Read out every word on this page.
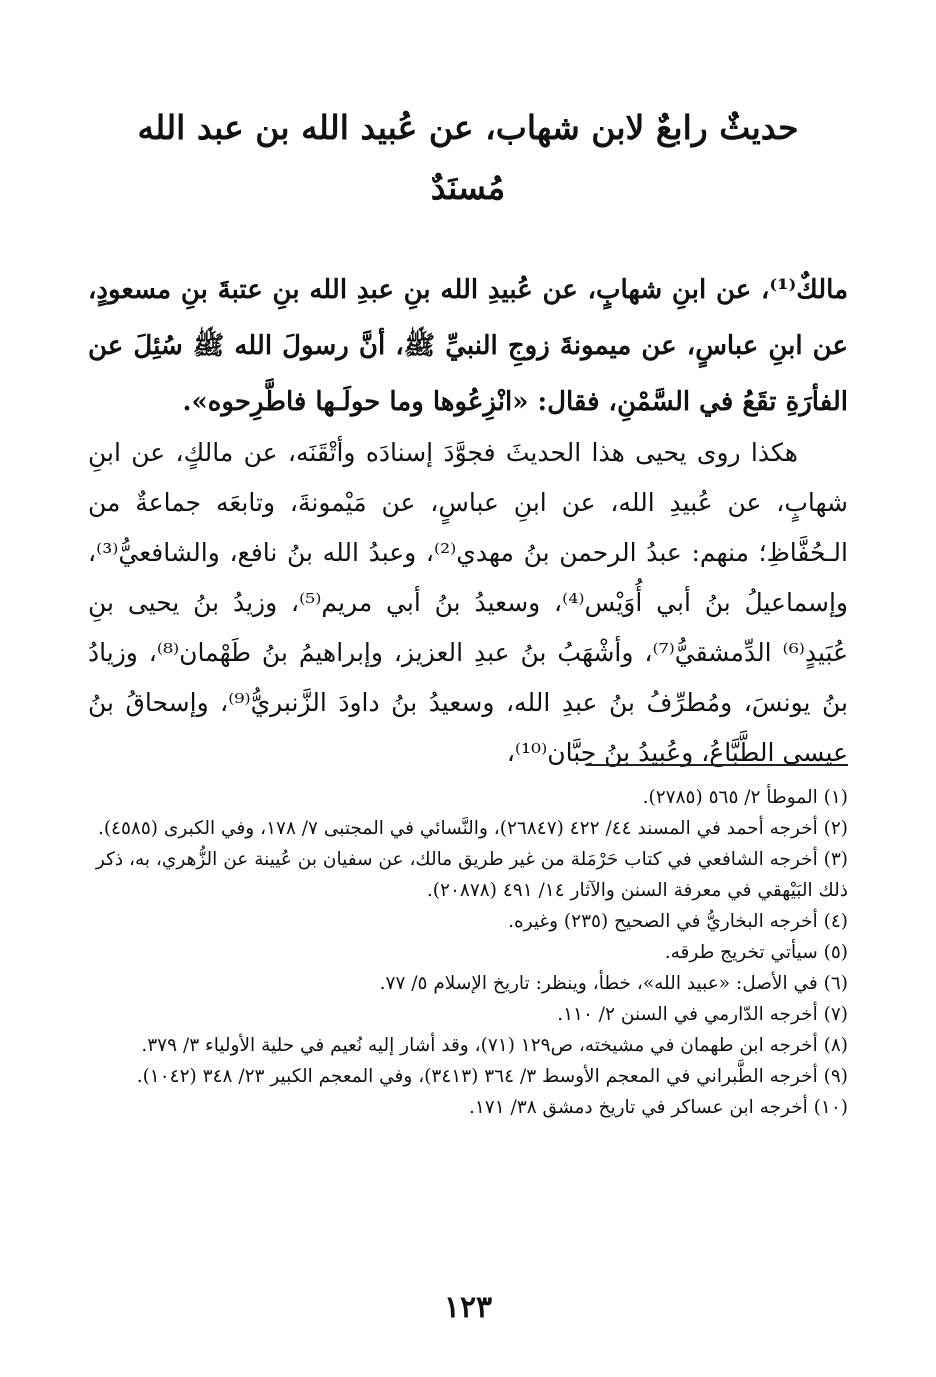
حديثٌ رابعٌ لابن شهاب، عن عُبيد الله بن عبد الله
مُسنَدٌ

مالكٌ⁽¹⁾، عن ابنِ شهابٍ، عن عُبيدِ الله بنِ عبدِ الله بنِ عتبةَ بنِ مسعودٍ، عن ابنِ عباسٍ، عن ميمونةَ زوجِ النبيِّ ﷺ، أنَّ رسولَ الله ﷺ سُئِلَ عن الفأرَةِ تقَعُ في السَّمْنِ، فقال: «انْزِعُوها وما حولَـها فاطَّرِحوه».

هكذا روى يحيى هذا الحديثَ فجوَّدَ إسنادَه وأتْقَنَه، عن مالكٍ، عن ابنِ شهابٍ، عن عُبيدِ الله، عن ابنِ عباسٍ، عن مَيْمونةَ، وتابعَه جماعةٌ من الـحُفَّاظِ؛ منهم: عبدُ الرحمن بنُ مهدي⁽²⁾، وعبدُ الله بنُ نافع، والشافعيُّ⁽³⁾، وإسماعيلُ بنُ أبي أُوَيْس⁽⁴⁾، وسعيدُ بنُ أبي مريم⁽⁵⁾، وزيدُ بنُ يحيى بنِ عُبَيدٍ⁽⁶⁾ الدِّمشقيُّ⁽⁷⁾، وأشْهَبُ بنُ عبدِ العزيز، وإبراهيمُ بنُ طَهْمان⁽⁸⁾، وزيادُ بنُ يونسَ، ومُطرِّفُ بنُ عبدِ الله، وسعيدُ بنُ داودَ الزَّنبريُّ⁽⁹⁾، وإسحاقُ بنُ عيسى الطَّبَّاعُ، وعُبيدُ بنُ حِبَّان⁽¹⁰⁾،

(١) الموطأ ٢/ ٥٦٥ (٢٧٨٥).
(٢) أخرجه أحمد في المسند ٤٤/ ٤٢٢ (٢٦٨٤٧)، والنَّسائي في المجتبى ٧/ ١٧٨، وفي الكبرى (٤٥٨٥).
(٣) أخرجه الشافعي في كتاب حَرْمَلة من غير طريق مالك، عن سفيان بن عُيينة عن الزُّهري، به، ذكر ذلك البَيْهقي في معرفة السنن والآثار ١٤/ ٤٩١ (٢٠٨٧٨).
(٤) أخرجه البخاريُّ في الصحيح (٢٣٥) وغيره.
(٥) سيأتي تخريج طرقه.
(٦) في الأصل: «عبيد الله»، خطأ، وينظر: تاريخ الإسلام ٥/ ٧٧.
(٧) أخرجه الدّارمي في السنن ٢/ ١١٠.
(٨) أخرجه ابن طهمان في مشيخته، ص١٢٩ (٧١)، وقد أشار إليه نُعيم في حلية الأولياء ٣/ ٣٧٩.
(٩) أخرجه الطَّبراني في المعجم الأوسط ٣/ ٣٦٤ (٣٤١٣)، وفي المعجم الكبير ٢٣/ ٣٤٨ (١٠٤٢).
(١٠) أخرجه ابن عساكر في تاريخ دمشق ٣٨/ ١٧١.
١٢٣
